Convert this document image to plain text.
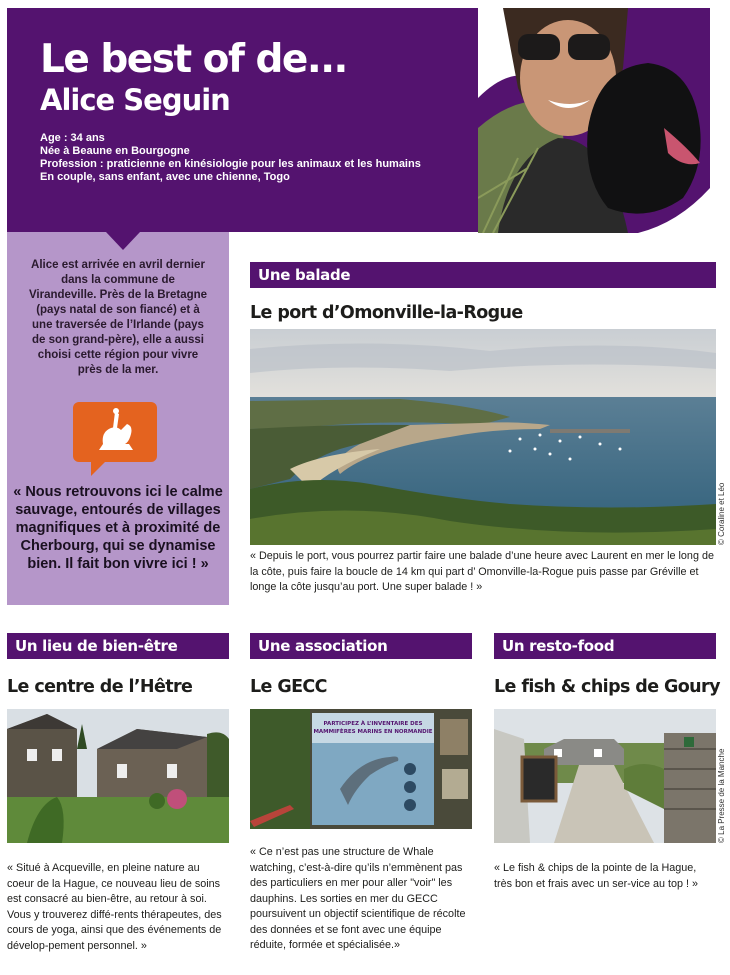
Le best of de...
Alice Seguin
Age : 34 ans
Née à Beaune en Bourgogne
Profession : praticienne en kinésiologie pour les animaux et les humains
En couple, sans enfant, avec une chienne, Togo
Alice est arrivée en avril dernier dans la commune de Virandeville. Près de la Bretagne (pays natal de son fiancé) et à une traversée de l’Irlande (pays de son grand-père), elle a aussi choisi cette région pour vivre près de la mer.
« Nous retrouvons ici le calme sauvage, entourés de villages magnifiques et à proximité de Cherbourg, qui se dynamise bien. Il fait bon vivre ici ! »
Une balade
Le port d’Omonville-la-Rogue
© Coraline et Léo
« Depuis le port, vous pourrez partir faire une balade d’une heure avec Laurent en mer le long de la côte, puis faire la boucle de 14 km qui part d’ Omonville-la-Rogue puis passe par Gréville et longe la côte jusqu’au port. Une super balade ! »
Un lieu de bien-être
Le centre de l’Hêtre
« Situé à Acqueville, en pleine nature au coeur de la Hague, ce nouveau lieu de soins est consacré au bien-être, au retour à soi. Vous y trouverez diffé-rents thérapeutes, des cours de yoga, ainsi que des événements de dévelop-pement personnel. »
Une association
Le GECC
PARTICIPEZ À L’INVENTAIRE DES
MAMMIFÈRES MARINS EN NORMANDIE
« Ce n’est pas une structure de Whale watching, c’est-à-dire qu’ils n’emmènent pas des particuliers en mer pour aller "voir" les dauphins. Les sorties en mer du GECC poursuivent un objectif scientifique de récolte des données et se font avec une équipe réduite, formée et spécialisée.»
Un resto-food
Le fish & chips de Goury
© La Presse de la Manche
« Le fish & chips de la pointe de la Hague, très bon et frais avec un ser-vice au top ! »
